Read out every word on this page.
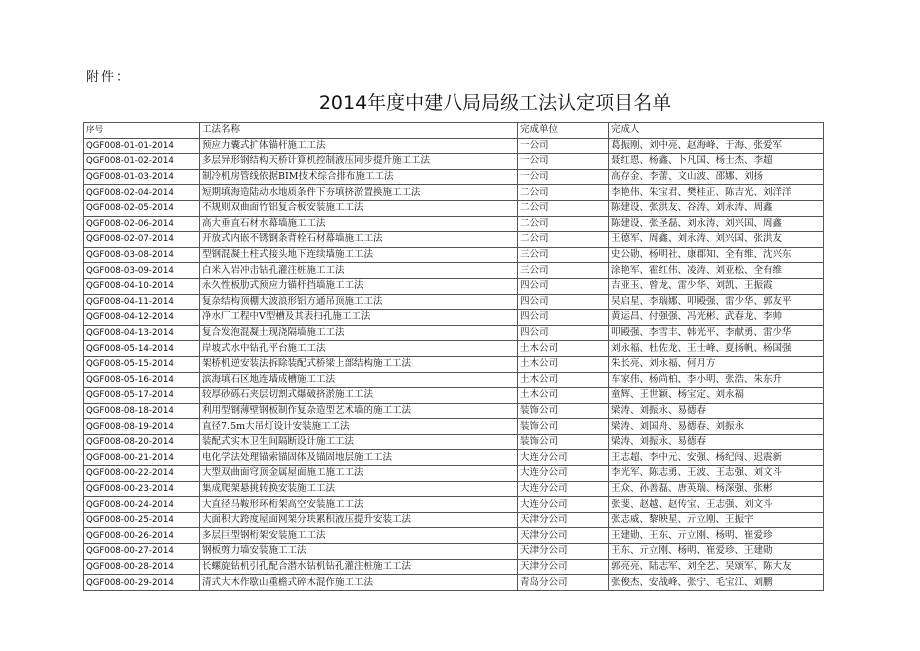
附件：
2014年度中建八局局级工法认定项目名单
序号	工法名称	完成单位	完成人
QGF008-01-01-2014	预应力囊式扩体锚杆施工工法	一公司	葛振刚、刘中亮、赵海峰、于海、张爱军
QGF008-01-02-2014	多层异形钢结构天桥计算机控制液压同步提升施工工法	一公司	聂红恩、杨鑫、卜凡国、杨士杰、李超
QGF008-01-03-2014	制冷机房管线依据BIM技术综合排布施工工法	一公司	高存金、李蕾、文山波、邵娜、刘扬
QGF008-02-04-2014	短期填海造陆动水地质条件下夯填挤淤置换施工工法	二公司	李艳伟、朱宝君、樊桂正、陈吉光、刘洋洋
QGF008-02-05-2014	不规则双曲面竹铝复合板安装施工工法	二公司	陈建设、张洪友、谷涛、刘永涛、周鑫
QGF008-02-06-2014	高大垂直石材水幕墙施工工法	二公司	陈建设、张圣磊、刘永涛、刘兴国、周鑫
QGF008-02-07-2014	开放式内嵌不锈钢条背栓石材幕墙施工工法	二公司	王德军、周鑫、刘永涛、刘兴国、张洪友
QGF008-03-08-2014	型钢混凝土柱式接头地下连续墙施工工法	三公司	史公勋、杨明社、康郡知、全有维、沈兴东
QGF008-03-09-2014	白米入岩冲击钻孔灌注桩施工工法	三公司	涂艳军、霍红伟、凌涛、刘亚松、全有维
QGF008-04-10-2014	永久性板肋式预应力锚杆挡墙施工工法	四公司	吉亚玉、曾龙、雷少华、刘凯、王振霞
QGF008-04-11-2014	复杂结构顶棚大波浪形铝方通吊顶施工工法	四公司	吴启星、李瑞娜、叩殿强、雷少华、郭友平
QGF008-04-12-2014	净水厂工程中V型槽及其表扫孔施工工法	四公司	黄运昌、付强强、冯光彬、武春龙、李帅
QGF008-04-13-2014	复合发泡混凝土现浇隔墙施工工法	四公司	叩殿强、李雪丰、韩光平、李献勇、雷少华
QGF008-05-14-2014	岸坡式水中钻孔平台施工工法	土木公司	刘永福、杜佐龙、王士峰、夏扬帆、杨国强
QGF008-05-15-2014	架桥机逆安装法拆除装配式桥梁上部结构施工工法	土木公司	朱长亮、刘永福、何月方
QGF008-05-16-2014	滨海填石区地连墙成槽施工工法	土木公司	车家伟、杨尚柏、李小明、张浩、朱东升
QGF008-05-17-2014	较厚砂砾石夹层切割式爆破挤淤施工工法	土木公司	童辉、王世颖、杨宝定、刘永福
QGF008-08-18-2014	利用型钢薄壁钢板制作复杂造型艺术墙的施工工法	装饰公司	梁涛、刘振永、易德春
QGF008-08-19-2014	直径7.5m大吊灯设计安装施工工法	装饰公司	梁涛、刘国舟、易德春、刘振永
QGF008-08-20-2014	装配式实木卫生间隔断设计施工工法	装饰公司	梁涛、刘振永、易德春
QGF008-00-21-2014	电化学法处理锚索锚固体及锚固地层施工工法	大连分公司	王志超、李中元、安强、杨纪闯、迟震新
QGF008-00-22-2014	大型双曲面穹顶金属屋面施工施工工法	大连分公司	李光军、陈志勇、王波、王志强、刘文斗
QGF008-00-23-2014	集成爬架悬挑转换安装施工工法	大连分公司	王众、孙善磊、唐英瑞、杨深强、张彬
QGF008-00-24-2014	大直径马鞍形环桁架高空安装施工工法	大连分公司	张斐、赵越、赵传宝、王志强、刘文斗
QGF008-00-25-2014	大面积大跨度屋面网架分块累积液压提升安装工法	天津分公司	张志威、黎映星、亓立刚、王振宇
QGF008-00-26-2014	多层巨型钢桁架安装施工工法	天津分公司	王建勋、王东、亓立刚、杨明、崔爱珍
QGF008-00-27-2014	钢板剪力墙安装施工工法	天津分公司	王东、亓立刚、杨明、崔爱珍、王建勋
QGF008-00-28-2014	长螺旋钻机引孔配合潜水钻机钻孔灌注桩施工工法	天津分公司	郭亮亮、陆志军、刘全艺、吴颂军、陈大友
QGF008-00-29-2014	清式大木作歇山重檐式碎木混作施工工法	青岛分公司	张俊杰、安战峰、张宁、毛宝江、刘鹏
